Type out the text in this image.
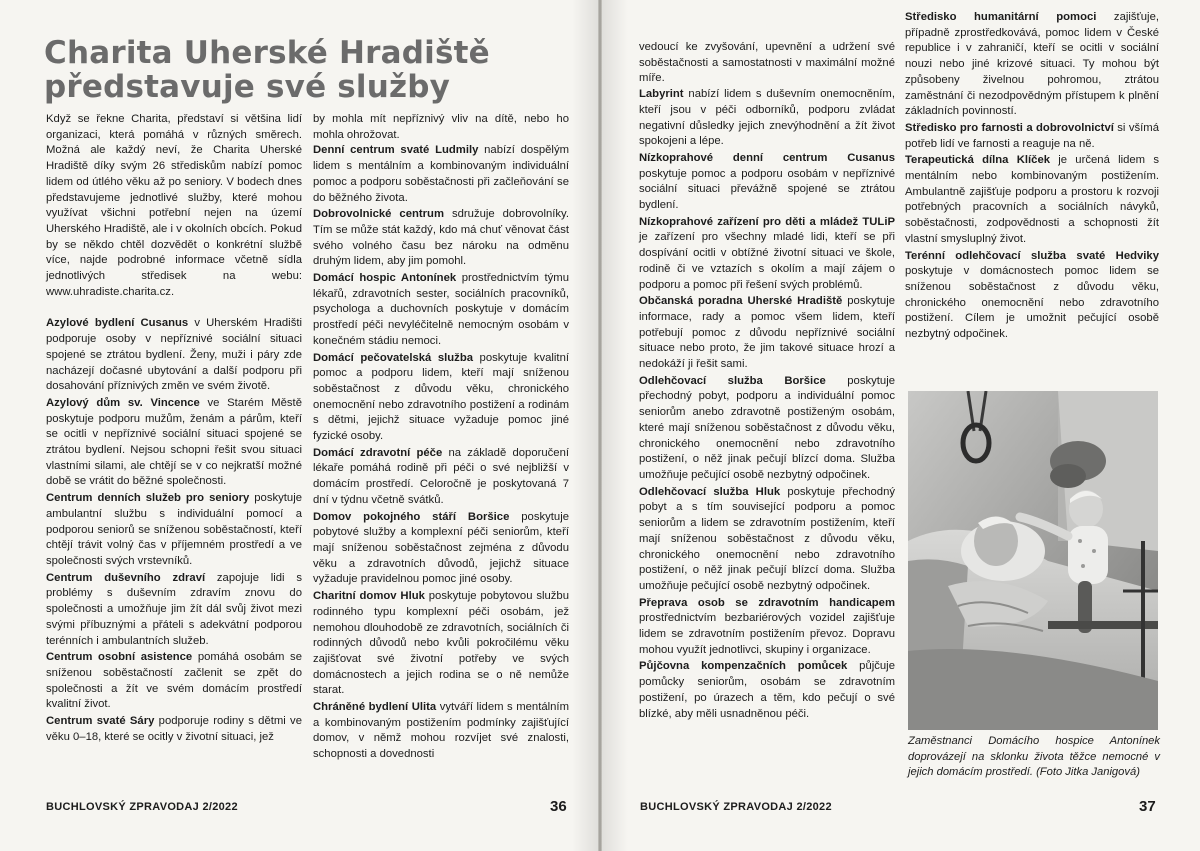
Charita Uherské Hradiště
představuje své služby

Když se řekne Charita, představí si většina lidí organizaci, která pomáhá v různých směrech. Možná ale každý neví, že Charita Uherské Hradiště díky svým 26 střediskům nabízí pomoc lidem od útlého věku až po seniory. V bodech dnes představujeme jednotlivé služby, které mohou využívat všichni potřební nejen na území Uherského Hradiště, ale i v okolních obcích. Pokud by se někdo chtěl dozvědět o konkrétní službě více, najde podrobné informace včetně sídla jednotlivých středisek na webu: www.uhradiste.charita.cz.

Azylové bydlení Cusanus v Uherském Hradišti podporuje osoby v nepříznivé sociální situaci spojené se ztrátou bydlení. Ženy, muži i páry zde nacházejí dočasné ubytování a další podporu při dosahování příznivých změn ve svém životě.

Azylový dům sv. Vincence ve Starém Městě poskytuje podporu mužům, ženám a párům, kteří se ocitli v nepříznivé sociální situaci spojené se ztrátou bydlení. Nejsou schopni řešit svou situaci vlastními silami, ale chtějí se v co nejkratší možné době se vrátit do běžné společnosti.

Centrum denních služeb pro seniory poskytuje ambulantní službu s individuální pomocí a podporou seniorů se sníženou soběstačností, kteří chtějí trávit volný čas v příjemném prostředí a ve společnosti svých vrstevníků.

Centrum duševního zdraví zapojuje lidi s problémy s duševním zdravím znovu do společnosti a umožňuje jim žít dál svůj život mezi svými příbuznými a přáteli s adekvátní podporou terénních i ambulantních služeb.

Centrum osobní asistence pomáhá osobám se sníženou soběstačností začlenit se zpět do společnosti a žít ve svém domácím prostředí kvalitní život.

Centrum svaté Sáry podporuje rodiny s dětmi ve věku 0–18, které se ocitly v životní situaci, jež

by mohla mít nepříznivý vliv na dítě, nebo ho mohla ohrožovat.

Denní centrum svaté Ludmily nabízí dospělým lidem s mentálním a kombinovaným individuální pomoc a podporu soběstačnosti při začleňování se do běžného života.

Dobrovolnické centrum sdružuje dobrovolníky. Tím se může stát každý, kdo má chuť věnovat část svého volného času bez nároku na odměnu druhým lidem, aby jim pomohl.

Domácí hospic Antonínek prostřednictvím týmu lékařů, zdravotních sester, sociálních pracovníků, psychologa a duchovních poskytuje v domácím prostředí péči nevyléčitelně nemocným osobám v konečném stádiu nemoci.

Domácí pečovatelská služba poskytuje kvalitní pomoc a podporu lidem, kteří mají sníženou soběstačnost z důvodu věku, chronického onemocnění nebo zdravotního postižení a rodinám s dětmi, jejichž situace vyžaduje pomoc jiné fyzické osoby.

Domácí zdravotní péče na základě doporučení lékaře pomáhá rodině při péči o své nejbližší v domácím prostředí. Celoročně je poskytovaná 7 dní v týdnu včetně svátků.

Domov pokojného stáří Boršice poskytuje pobytové služby a komplexní péči seniorům, kteří mají sníženou soběstačnost zejména z důvodu věku a zdravotních důvodů, jejichž situace vyžaduje pravidelnou pomoc jiné osoby.

Charitní domov Hluk poskytuje pobytovou službu rodinného typu komplexní péči osobám, jež nemohou dlouhodobě ze zdravotních, sociálních či rodinných důvodů nebo kvůli pokročilému věku zajišťovat své životní potřeby ve svých domácnostech a jejich rodina se o ně nemůže starat.

Chráněné bydlení Ulita vytváří lidem s mentálním a kombinovaným postižením podmínky zajišťující domov, v němž mohou rozvíjet své znalosti, schopnosti a dovednosti

BUCHLOVSKÝ ZPRAVODAJ 2/2022	36

vedoucí ke zvyšování, upevnění a udržení své soběstačnosti a samostatnosti v maximální možné míře.

Labyrint nabízí lidem s duševním onemocněním, kteří jsou v péči odborníků, podporu zvládat negativní důsledky jejich znevýhodnění a žít život spokojeni a lépe.

Nízkoprahové denní centrum Cusanus poskytuje pomoc a podporu osobám v nepříznivé sociální situaci převážně spojené se ztrátou bydlení.

Nízkoprahové zařízení pro děti a mládež TULiP je zařízení pro všechny mladé lidi, kteří se při dospívání ocitli v obtížné životní situaci ve škole, rodině či ve vztazích s okolím a mají zájem o podporu a pomoc při řešení svých problémů.

Občanská poradna Uherské Hradiště poskytuje informace, rady a pomoc všem lidem, kteří potřebují pomoc z důvodu nepříznivé sociální situace nebo proto, že jim takové situace hrozí a nedokáží ji řešit sami.

Odlehčovací služba Boršice poskytuje přechodný pobyt, podporu a individuální pomoc seniorům anebo zdravotně postiženým osobám, které mají sníženou soběstačnost z důvodu věku, chronického onemocnění nebo zdravotního postižení, o něž jinak pečují blízcí doma. Služba umožňuje pečující osobě nezbytný odpočinek.

Odlehčovací služba Hluk poskytuje přechodný pobyt a s tím související podporu a pomoc seniorům a lidem se zdravotním postižením, kteří mají sníženou soběstačnost z důvodu věku, chronického onemocnění nebo zdravotního postižení, o něž jinak pečují blízcí doma. Služba umožňuje pečující osobě nezbytný odpočinek.

Přeprava osob se zdravotním handicapem prostřednictvím bezbariérových vozidel zajišťuje lidem se zdravotním postižením převoz. Dopravu mohou využít jednotlivci, skupiny i organizace.

Půjčovna kompenzačních pomůcek půjčuje pomůcky seniorům, osobám se zdravotním postižení, po úrazech a těm, kdo pečují o své blízké, aby měli usnadněnou péči.

Středisko humanitární pomoci zajišťuje, případně zprostředkovává, pomoc lidem v České republice i v zahraničí, kteří se ocitli v sociální nouzi nebo jiné krizové situaci. Ty mohou být způsobeny živelnou pohromou, ztrátou zaměstnání či nezodpovědným přístupem k plnění základních povinností.

Středisko pro farnosti a dobrovolnictví si všímá potřeb lidí ve farnosti a reaguje na ně.

Terapeutická dílna Klíček je určená lidem s mentálním nebo kombinovaným postižením. Ambulantně zajišťuje podporu a prostoru k rozvoji potřebných pracovních a sociálních návyků, soběstačnosti, zodpovědnosti a schopnosti žít vlastní smysluplný život.

Terénní odlehčovací služba svaté Hedviky poskytuje v domácnostech pomoc lidem se sníženou soběstačnost z důvodu věku, chronického onemocnění nebo zdravotního postižení. Cílem je umožnit pečující osobě nezbytný odpočinek.

Zaměstnanci Domácího hospice Antonínek doprovázejí na sklonku života těžce nemocné v jejich domácím prostředí. (Foto Jitka Janigová)
BUCHLOVSKÝ ZPRAVODAJ 2/2022	37
